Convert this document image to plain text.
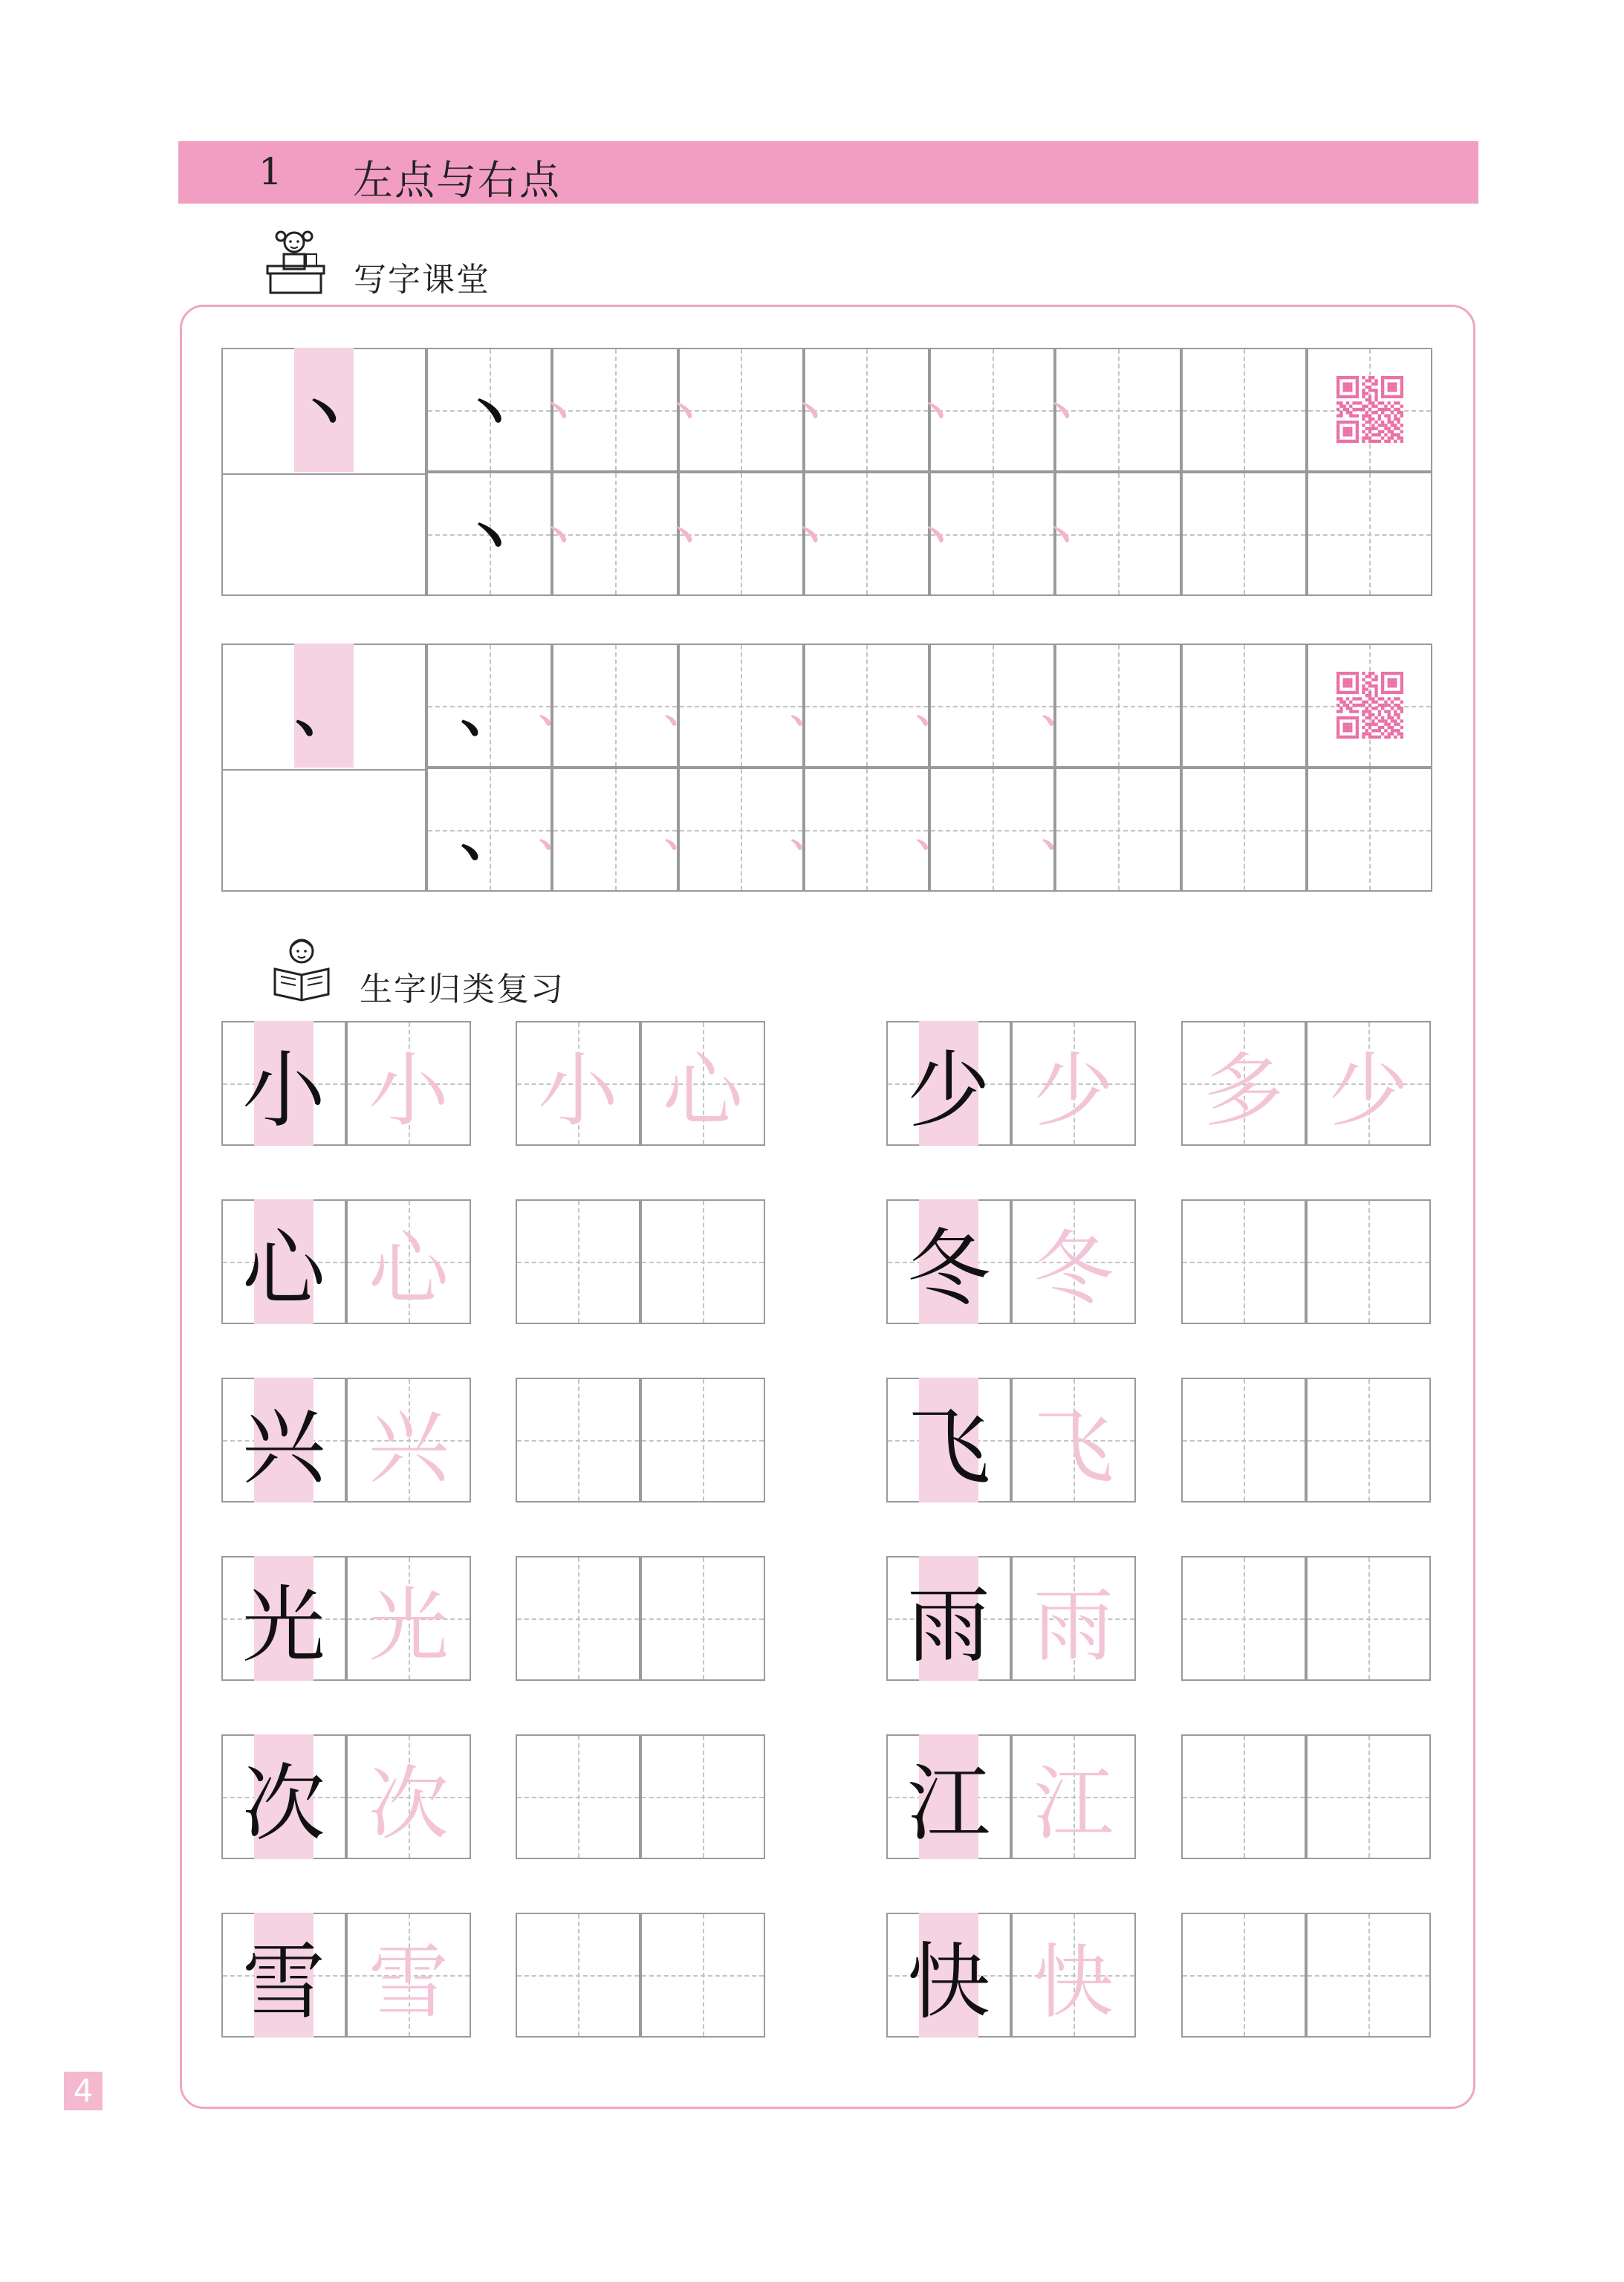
1 左点与右点
写字课堂
丶	丶 丶	丶	丶	丶	丶
丶 丶	丶	丶	丶	丶
、	、 、	、	、	、	、
、 、	、	、	、	、
生字归类复习
小 小 小 心
心 心
兴 兴
光 光
次 次
雪 雪
少 少 多 少
冬 冬
飞 飞
雨 雨
江 江
快 快
4
